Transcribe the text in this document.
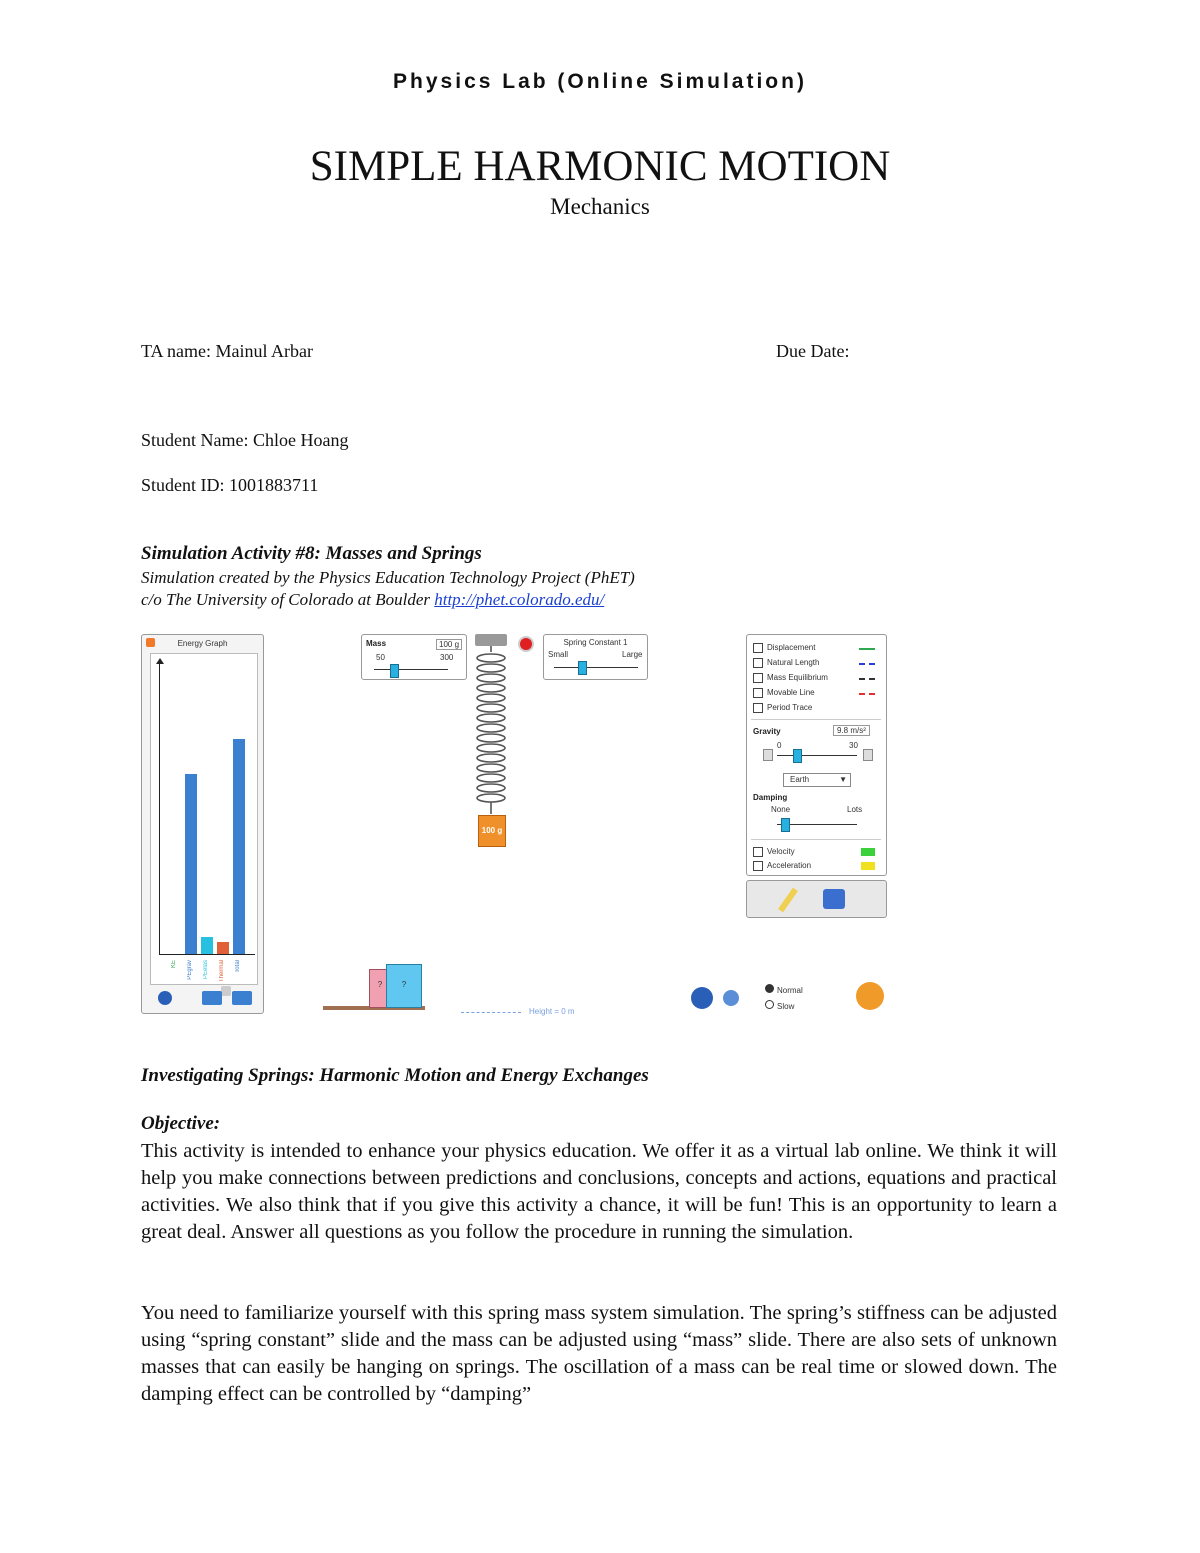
Physics Lab (Online Simulation)
SIMPLE HARMONIC MOTION
Mechanics
TA name: Mainul Arbar	Due Date:
Student Name: Chloe Hoang
Student ID: 1001883711
Simulation Activity #8: Masses and Springs
Simulation created by the Physics Education Technology Project (PhET)
c/o The University of Colorado at Boulder http://phet.colorado.edu/
Energy Graph
KE PEgrav PEelas Thermal Total
Mass	100 g
50	300
100 g
Spring Constant 1
Small	Large
Displacement
Natural Length
Mass Equilibrium
Movable Line
Period Trace
Gravity	9.8 m/s²
0	30
Earth	▼
Damping
None	Lots
Velocity
Acceleration
?	?
Height = 0 m
Normal
Slow
Investigating Springs: Harmonic Motion and Energy Exchanges
Objective:
This activity is intended to enhance your physics education. We offer it as a virtual lab online. We think it will help you make connections between predictions and conclusions, concepts and actions, equations and practical activities. We also think that if you give this activity a chance, it will be fun! This is an opportunity to learn a great deal. Answer all questions as you follow the procedure in running the simulation.
You need to familiarize yourself with this spring mass system simulation. The spring’s stiffness can be adjusted using “spring constant” slide and the mass can be adjusted using “mass” slide. There are also sets of unknown masses that can easily be hanging on springs. The oscillation of a mass can be real time or slowed down. The damping effect can be controlled by “damping”
